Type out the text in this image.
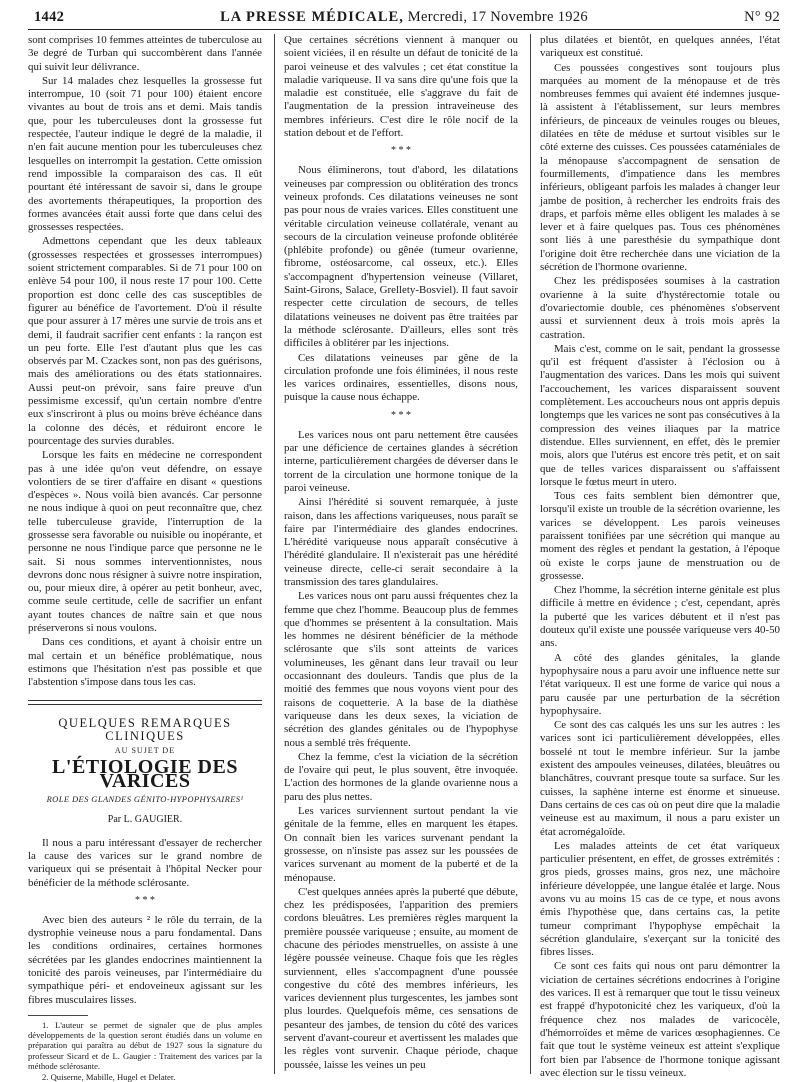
1442	LA PRESSE MÉDICALE, Mercredi, 17 Novembre 1926	N° 92

sont comprises 10 femmes atteintes de tuberculose au 3e degré de Turban qui succombèrent dans l'année qui suivit leur délivrance.

Sur 14 malades chez lesquelles la grossesse fut interrompue, 10 (soit 71 pour 100) étaient encore vivantes au bout de trois ans et demi. Mais tandis que, pour les tuberculeuses dont la grossesse fut respectée, l'auteur indique le degré de la maladie, il n'en fait aucune mention pour les tuberculeuses chez lesquelles on interrompit la gestation. Cette omission rend impossible la comparaison des cas. Il eût pourtant été intéressant de savoir si, dans le groupe des avortements thérapeutiques, la proportion des formes avancées était aussi forte que dans celui des grossesses respectées.

Admettons cependant que les deux tableaux (grossesses respectées et grossesses interrompues) soient strictement comparables. Si de 71 pour 100 on enlève 54 pour 100, il nous reste 17 pour 100. Cette proportion est donc celle des cas susceptibles de figurer au bénéfice de l'avortement. D'où il résulte que pour assurer à 17 mères une survie de trois ans et demi, il faudrait sacrifier cent enfants : la rançon est un peu forte. Elle l'est d'autant plus que les cas observés par M. Czackes sont, non pas des guérisons, mais des améliorations ou des états stationnaires. Aussi peut-on prévoir, sans faire preuve d'un pessimisme excessif, qu'un certain nombre d'entre eux s'inscriront à plus ou moins brève échéance dans la colonne des décès, et réduiront encore le pourcentage des survies durables.

Lorsque les faits en médecine ne correspondent pas à une idée qu'on veut défendre, on essaye volontiers de se tirer d'affaire en disant « questions d'espèces ». Nous voilà bien avancés. Car personne ne nous indique à quoi on peut reconnaître que, chez telle tuberculeuse gravide, l'interruption de la grossesse sera favorable ou nuisible ou inopérante, et personne ne nous l'indique parce que personne ne le sait. Si nous sommes interventionnistes, nous devrons donc nous résigner à suivre notre inspiration, ou, pour mieux dire, à opérer au petit bonheur, avec, comme seule certitude, celle de sacrifier un enfant ayant toutes chances de naître sain et que nous préserverons si nous voulons.

Dans ces conditions, et ayant à choisir entre un mal certain et un bénéfice problématique, nous estimons que l'hésitation n'est pas possible et que l'abstention s'impose dans tous les cas.

QUELQUES REMARQUES CLINIQUES
AU SUJET DE
L'ÉTIOLOGIE DES VARICES
ROLE DES GLANDES GÉNITO-HYPOPHYSAIRES¹
Par L. GAUGIER.

Il nous a paru intéressant d'essayer de rechercher la cause des varices sur le grand nombre de variqueux qui se présentait à l'hôpital Necker pour bénéficier de la méthode sclérosante.

* * *

Avec bien des auteurs ² le rôle du terrain, de la dystrophie veineuse nous a paru fondamental. Dans les conditions ordinaires, certaines hormones sécrétées par les glandes endocrines maintiennent la tonicité des parois veineuses, par l'intermédiaire du sympathique péri- et endoveineux agissant sur les fibres musculaires lisses.

1. L'auteur se permet de signaler que de plus amples développements de la question seront étudiés dans un volume en préparation qui paraîtra au début de 1927 sous la signature du professeur Sicard et de L. Gaugier : Traitement des varices par la méthode sclérosante.

2. Quiserne, Mabille, Hugel et Delater.

Que certaines sécrétions viennent à manquer ou soient viciées, il en résulte un défaut de tonicité de la paroi veineuse et des valvules ; cet état constitue la maladie variqueuse. Il va sans dire qu'une fois que la maladie est constituée, elle s'aggrave du fait de l'augmentation de la pression intraveineuse des membres inférieurs. C'est dire le rôle nocif de la station debout et de l'effort.

* * *

Nous éliminerons, tout d'abord, les dilatations veineuses par compression ou oblitération des troncs veineux profonds. Ces dilatations veineuses ne sont pas pour nous de vraies varices. Elles constituent une véritable circulation veineuse collatérale, venant au secours de la circulation veineuse profonde oblitérée (phlébite profonde) ou gênée (tumeur ovarienne, fibrome, ostéosarcome, cal osseux, etc.). Elles s'accompagnent d'hypertension veineuse (Villaret, Saint-Girons, Salace, Grellety-Bosviel). Il faut savoir respecter cette circulation de secours, de telles dilatations veineuses ne doivent pas être traitées par la méthode sclérosante. D'ailleurs, elles sont très difficiles à oblitérer par les injections.

Ces dilatations veineuses par gêne de la circulation profonde une fois éliminées, il nous reste les varices ordinaires, essentielles, disons nous, puisque la cause nous échappe.

* * *

Les varices nous ont paru nettement être causées par une déficience de certaines glandes à sécrétion interne, particulièrement chargées de déverser dans le torrent de la circulation une hormone tonique de la paroi veineuse.

Ainsi l'hérédité si souvent remarquée, à juste raison, dans les affections variqueuses, nous paraît se faire par l'intermédiaire des glandes endocrines. L'hérédité variqueuse nous apparaît consécutive à l'hérédité glandulaire. Il n'existerait pas une hérédité veineuse directe, celle-ci serait secondaire à la transmission des tares glandulaires.

Les varices nous ont paru aussi fréquentes chez la femme que chez l'homme. Beaucoup plus de femmes que d'hommes se présentent à la consultation. Mais les hommes ne désirent bénéficier de la méthode sclérosante que s'ils sont atteints de varices volumineuses, les gênant dans leur travail ou leur occasionnant des douleurs. Tandis que plus de la moitié des femmes que nous voyons vient pour des raisons de coquetterie. A la base de la diathèse variqueuse dans les deux sexes, la viciation de sécrétion des glandes génitales ou de l'hypophyse nous a semblé très fréquente.

Chez la femme, c'est la viciation de la sécrétion de l'ovaire qui peut, le plus souvent, être invoquée. L'action des hormones de la glande ovarienne nous a paru des plus nettes.

Les varices surviennent surtout pendant la vie génitale de la femme, elles en marquent les étapes. On connaît bien les varices survenant pendant la grossesse, on n'insiste pas assez sur les poussées de varices survenant au moment de la puberté et de la ménopause.

C'est quelques années après la puberté que débute, chez les prédisposées, l'apparition des premiers cordons bleuâtres. Les premières règles marquent la première poussée variqueuse ; ensuite, au moment de chacune des périodes menstruelles, on assiste à une légère poussée veineuse. Chaque fois que les règles surviennent, elles s'accompagnent d'une poussée congestive du côté des membres inférieurs, les varices deviennent plus turgescentes, les jambes sont plus lourdes. Quelquefois même, ces sensations de pesanteur des jambes, de tension du côté des varices servent d'avant-coureur et avertissent les malades que les règles vont survenir. Chaque période, chaque poussée, laisse les veines un peu

plus dilatées et bientôt, en quelques années, l'état variqueux est constitué.

Ces poussées congestives sont toujours plus marquées au moment de la ménopause et de très nombreuses femmes qui avaient été indemnes jusque-là assistent à l'établissement, sur leurs membres inférieurs, de pinceaux de veinules rouges ou bleues, dilatées en tête de méduse et surtout visibles sur le côté externe des cuisses. Ces poussées cataméniales de la ménopause s'accompagnent de sensation de fourmillements, d'impatience dans les membres inférieurs, obligeant parfois les malades à changer leur jambe de position, à rechercher les endroits frais des draps, et parfois même elles obligent les malades à se lever et à faire quelques pas. Tous ces phénomènes sont liés à une paresthésie du sympathique dont l'origine doit être recherchée dans une viciation de la sécrétion de l'hormone ovarienne.

Chez les prédisposées soumises à la castration ovarienne à la suite d'hystérectomie totale ou d'ovariectomie double, ces phénomènes s'observent aussi et surviennent deux à trois mois après la castration.

Mais c'est, comme on le sait, pendant la grossesse qu'il est fréquent d'assister à l'éclosion ou à l'augmentation des varices. Dans les mois qui suivent l'accouchement, les varices disparaissent souvent complètement. Les accoucheurs nous ont appris depuis longtemps que les varices ne sont pas consécutives à la compression des veines iliaques par la matrice distendue. Elles surviennent, en effet, dès le premier mois, alors que l'utérus est encore très petit, et on sait que de telles varices disparaissent ou s'affaissent lorsque le fœtus meurt in utero.

Tous ces faits semblent bien démontrer que, lorsqu'il existe un trouble de la sécrétion ovarienne, les varices se développent. Les parois veineuses paraissent tonifiées par une sécrétion qui manque au moment des règles et pendant la gestation, à l'époque où existe le corps jaune de menstruation ou de grossesse.

Chez l'homme, la sécrétion interne génitale est plus difficile à mettre en évidence ; c'est, cependant, après la puberté que les varices débutent et il n'est pas douteux qu'il existe une poussée variqueuse vers 40-50 ans.

A côté des glandes génitales, la glande hypophysaire nous a paru avoir une influence nette sur l'état variqueux. Il est une forme de varice qui nous a paru causée par une perturbation de la sécrétion hypophysaire.

Ce sont des cas calqués les uns sur les autres : les varices sont ici particulièrement développées, elles bosselé nt tout le membre inférieur. Sur la jambe existent des ampoules veineuses, dilatées, bleuâtres ou blanchâtres, couvrant presque toute sa surface. Sur les cuisses, la saphène interne est énorme et sinueuse. Dans certains de ces cas où on peut dire que la maladie veineuse est au maximum, il nous a paru exister un état acromégaloïde.

Les malades atteints de cet état variqueux particulier présentent, en effet, de grosses extrémités : gros pieds, grosses mains, gros nez, une mâchoire inférieure développée, une langue étalée et large. Nous avons vu au moins 15 cas de ce type, et nous avons émis l'hypothèse que, dans certains cas, la petite tumeur comprimant l'hypophyse empêchait la sécrétion glandulaire, s'exerçant sur la tonicité des fibres lisses.

Ce sont ces faits qui nous ont paru démontrer la viciation de certaines sécrétions endocrines à l'origine des varices. Il est à remarquer que tout le tissu veineux est frappé d'hypotonicité chez les variqueux, d'où la fréquence chez nos malades de varicocèle, d'hémorroïdes et même de varices œsophagiennes. Ce fait que tout le système veineux est atteint s'explique fort bien par l'absence de l'hormone tonique agissant avec élection sur le tissu veineux.
